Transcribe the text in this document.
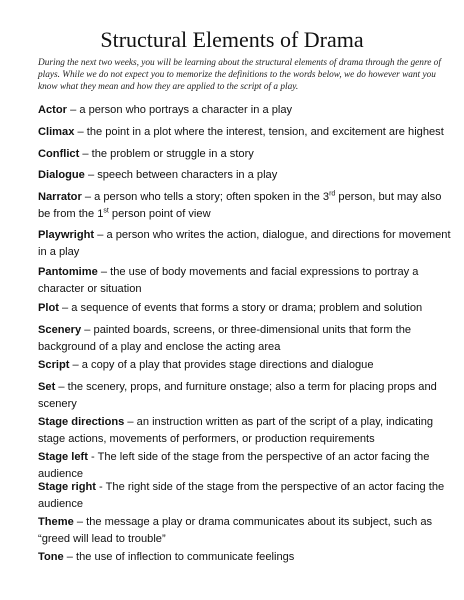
Structural Elements of Drama
During the next two weeks, you will be learning about the structural elements of drama through the genre of
plays. While we do not expect you to memorize the definitions to the words below, we do however want you
know what they mean and how they are applied to the script of a play.
Actor – a person who portrays a character in a play
Climax – the point in a plot where the interest, tension, and excitement are highest
Conflict – the problem or struggle in a story
Dialogue – speech between characters in a play
Narrator – a person who tells a story; often spoken in the 3rd person, but may also
be from the 1st person point of view
Playwright – a person who writes the action, dialogue, and directions for movement
in a play
Pantomime – the use of body movements and facial expressions to portray a
character or situation
Plot – a sequence of events that forms a story or drama; problem and solution
Scenery – painted boards, screens, or three-dimensional units that form the
background of a play and enclose the acting area
Script – a copy of a play that provides stage directions and dialogue
Set – the scenery, props, and furniture onstage; also a term for placing props and
scenery
Stage directions – an instruction written as part of the script of a play, indicating
stage actions, movements of performers, or production requirements
Stage left - The left side of the stage from the perspective of an actor facing the
audience
Stage right - The right side of the stage from the perspective of an actor facing the
audience
Theme – the message a play or drama communicates about its subject, such as
“greed will lead to trouble”
Tone – the use of inflection to communicate feelings
